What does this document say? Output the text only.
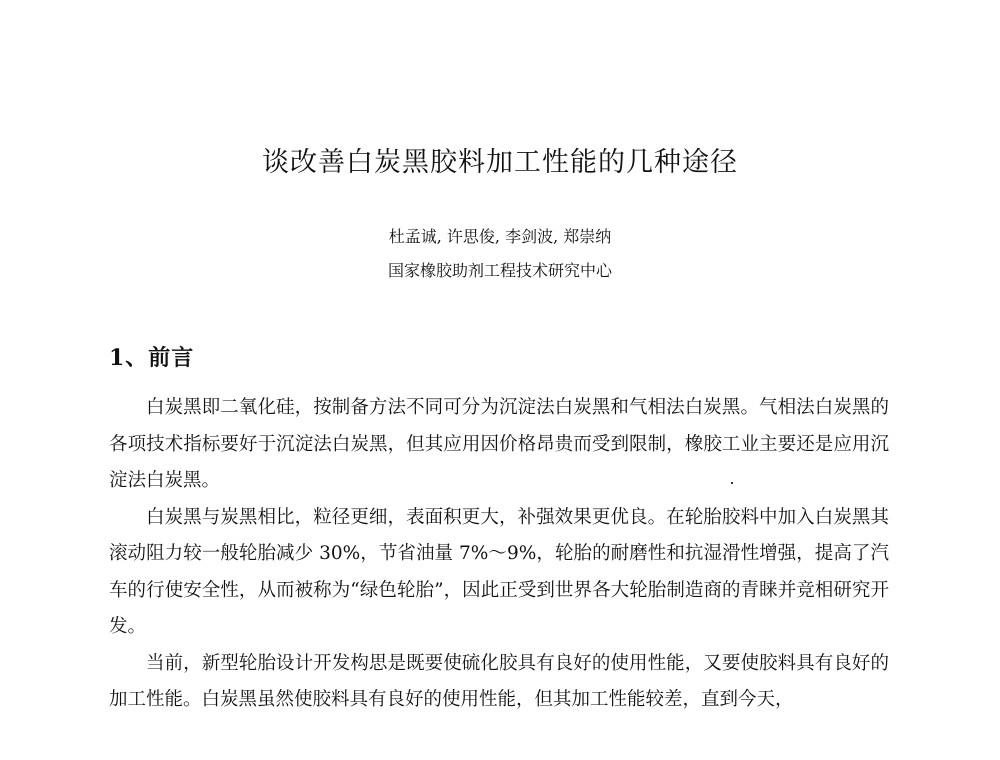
谈改善白炭黑胶料加工性能的几种途径
杜孟诚, 许思俊, 李剑波, 郑崇纳
国家橡胶助剂工程技术研究中心
1、前言

白炭黑即二氧化硅，按制备方法不同可分为沉淀法白炭黑和气相法白炭黑。气相法白炭黑的各项技术指标要好于沉淀法白炭黑，但其应用因价格昂贵而受到限制，橡胶工业主要还是应用沉淀法白炭黑。

白炭黑与炭黑相比，粒径更细，表面积更大，补强效果更优良。在轮胎胶料中加入白炭黑其滚动阻力较一般轮胎减少 30%，节省油量 7%～9%，轮胎的耐磨性和抗湿滑性增强，提高了汽车的行使安全性，从而被称为“绿色轮胎”，因此正受到世界各大轮胎制造商的青睐并竞相研究开发。

当前，新型轮胎设计开发构思是既要使硫化胶具有良好的使用性能，又要使胶料具有良好的加工性能。白炭黑虽然使胶料具有良好的使用性能，但其加工性能较差，直到今天，
